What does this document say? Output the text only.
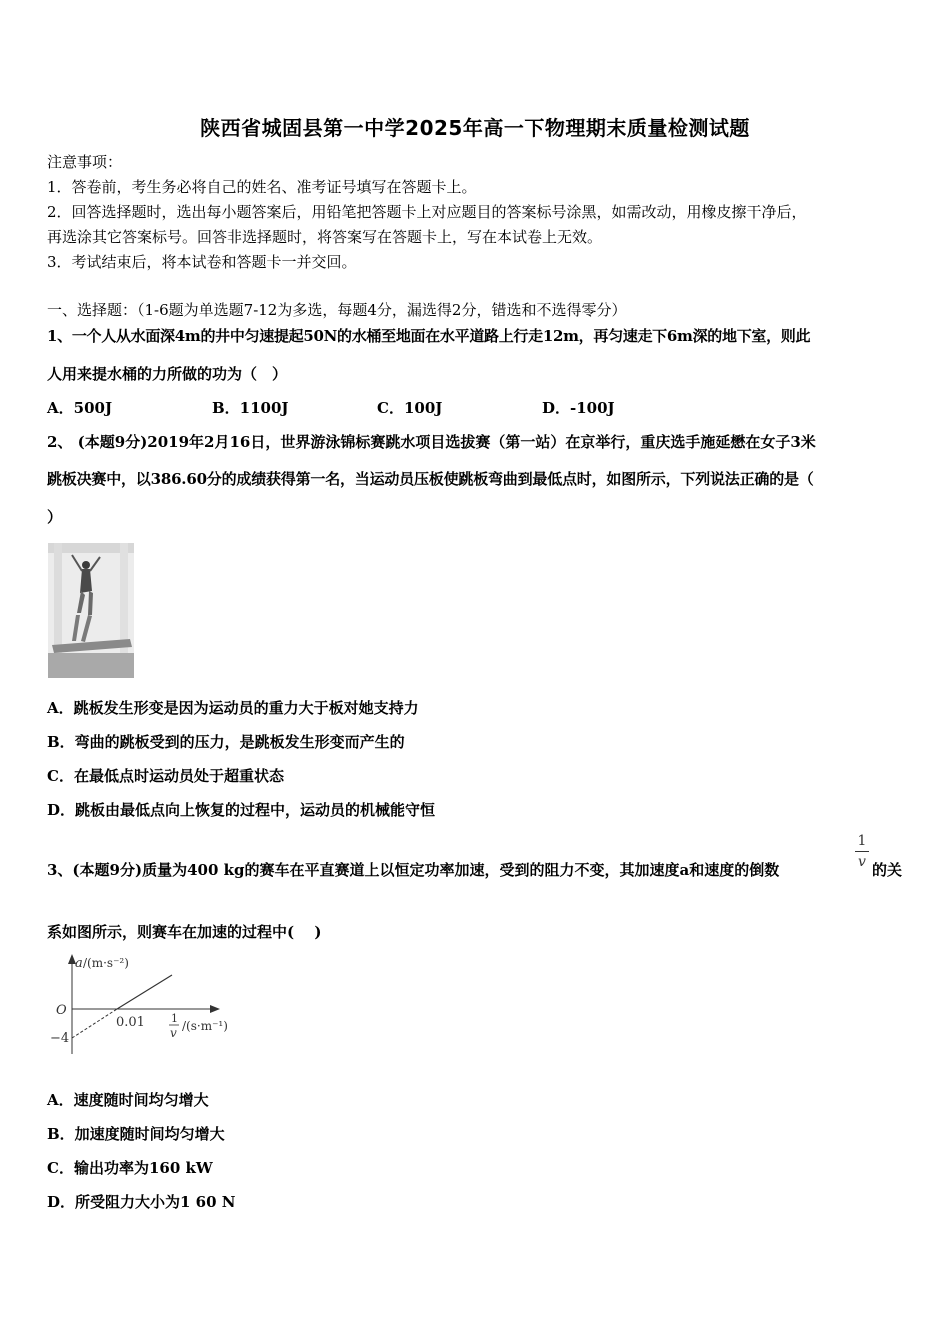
陕西省城固县第一中学2025年高一下物理期末质量检测试题
注意事项：
1．答卷前，考生务必将自己的姓名、准考证号填写在答题卡上。
2．回答选择题时，选出每小题答案后，用铅笔把答题卡上对应题目的答案标号涂黑，如需改动，用橡皮擦干净后，
再选涂其它答案标号。回答非选择题时，将答案写在答题卡上，写在本试卷上无效。
3．考试结束后，将本试卷和答题卡一并交回。
一、选择题：（1-6题为单选题7-12为多选，每题4分，漏选得2分，错选和不选得零分）
1、一个人从水面深4m的井中匀速提起50N的水桶至地面在水平道路上行走12m，再匀速走下6m深的地下室，则此
人用来提水桶的力所做的功为（　）
A．500J	B．1100J	C．100J	D．-100J
2、 (本题9分)2019年2月16日，世界游泳锦标赛跳水项目选拔赛（第一站）在京举行，重庆选手施延懋在女子3米
跳板决赛中，以386.60分的成绩获得第一名，当运动员压板使跳板弯曲到最低点时，如图所示，下列说法正确的是（
）
A．跳板发生形变是因为运动员的重力大于板对她支持力
B．弯曲的跳板受到的压力，是跳板发生形变而产生的
C．在最低点时运动员处于超重状态
D．跳板由最低点向上恢复的过程中，运动员的机械能守恒
3、(本题9分)质量为400 kg的赛车在平直赛道上以恒定功率加速，受到的阻力不变，其加速度a和速度的倒数
1
v 的关
系如图所示，则赛车在加速的过程中(　 )
a /(m·s⁻²)
O
0.01
−4
1
v /(s·m⁻¹)
A．速度随时间均匀增大
B．加速度随时间均匀增大
C．输出功率为160 kW
D．所受阻力大小为1 60 N
